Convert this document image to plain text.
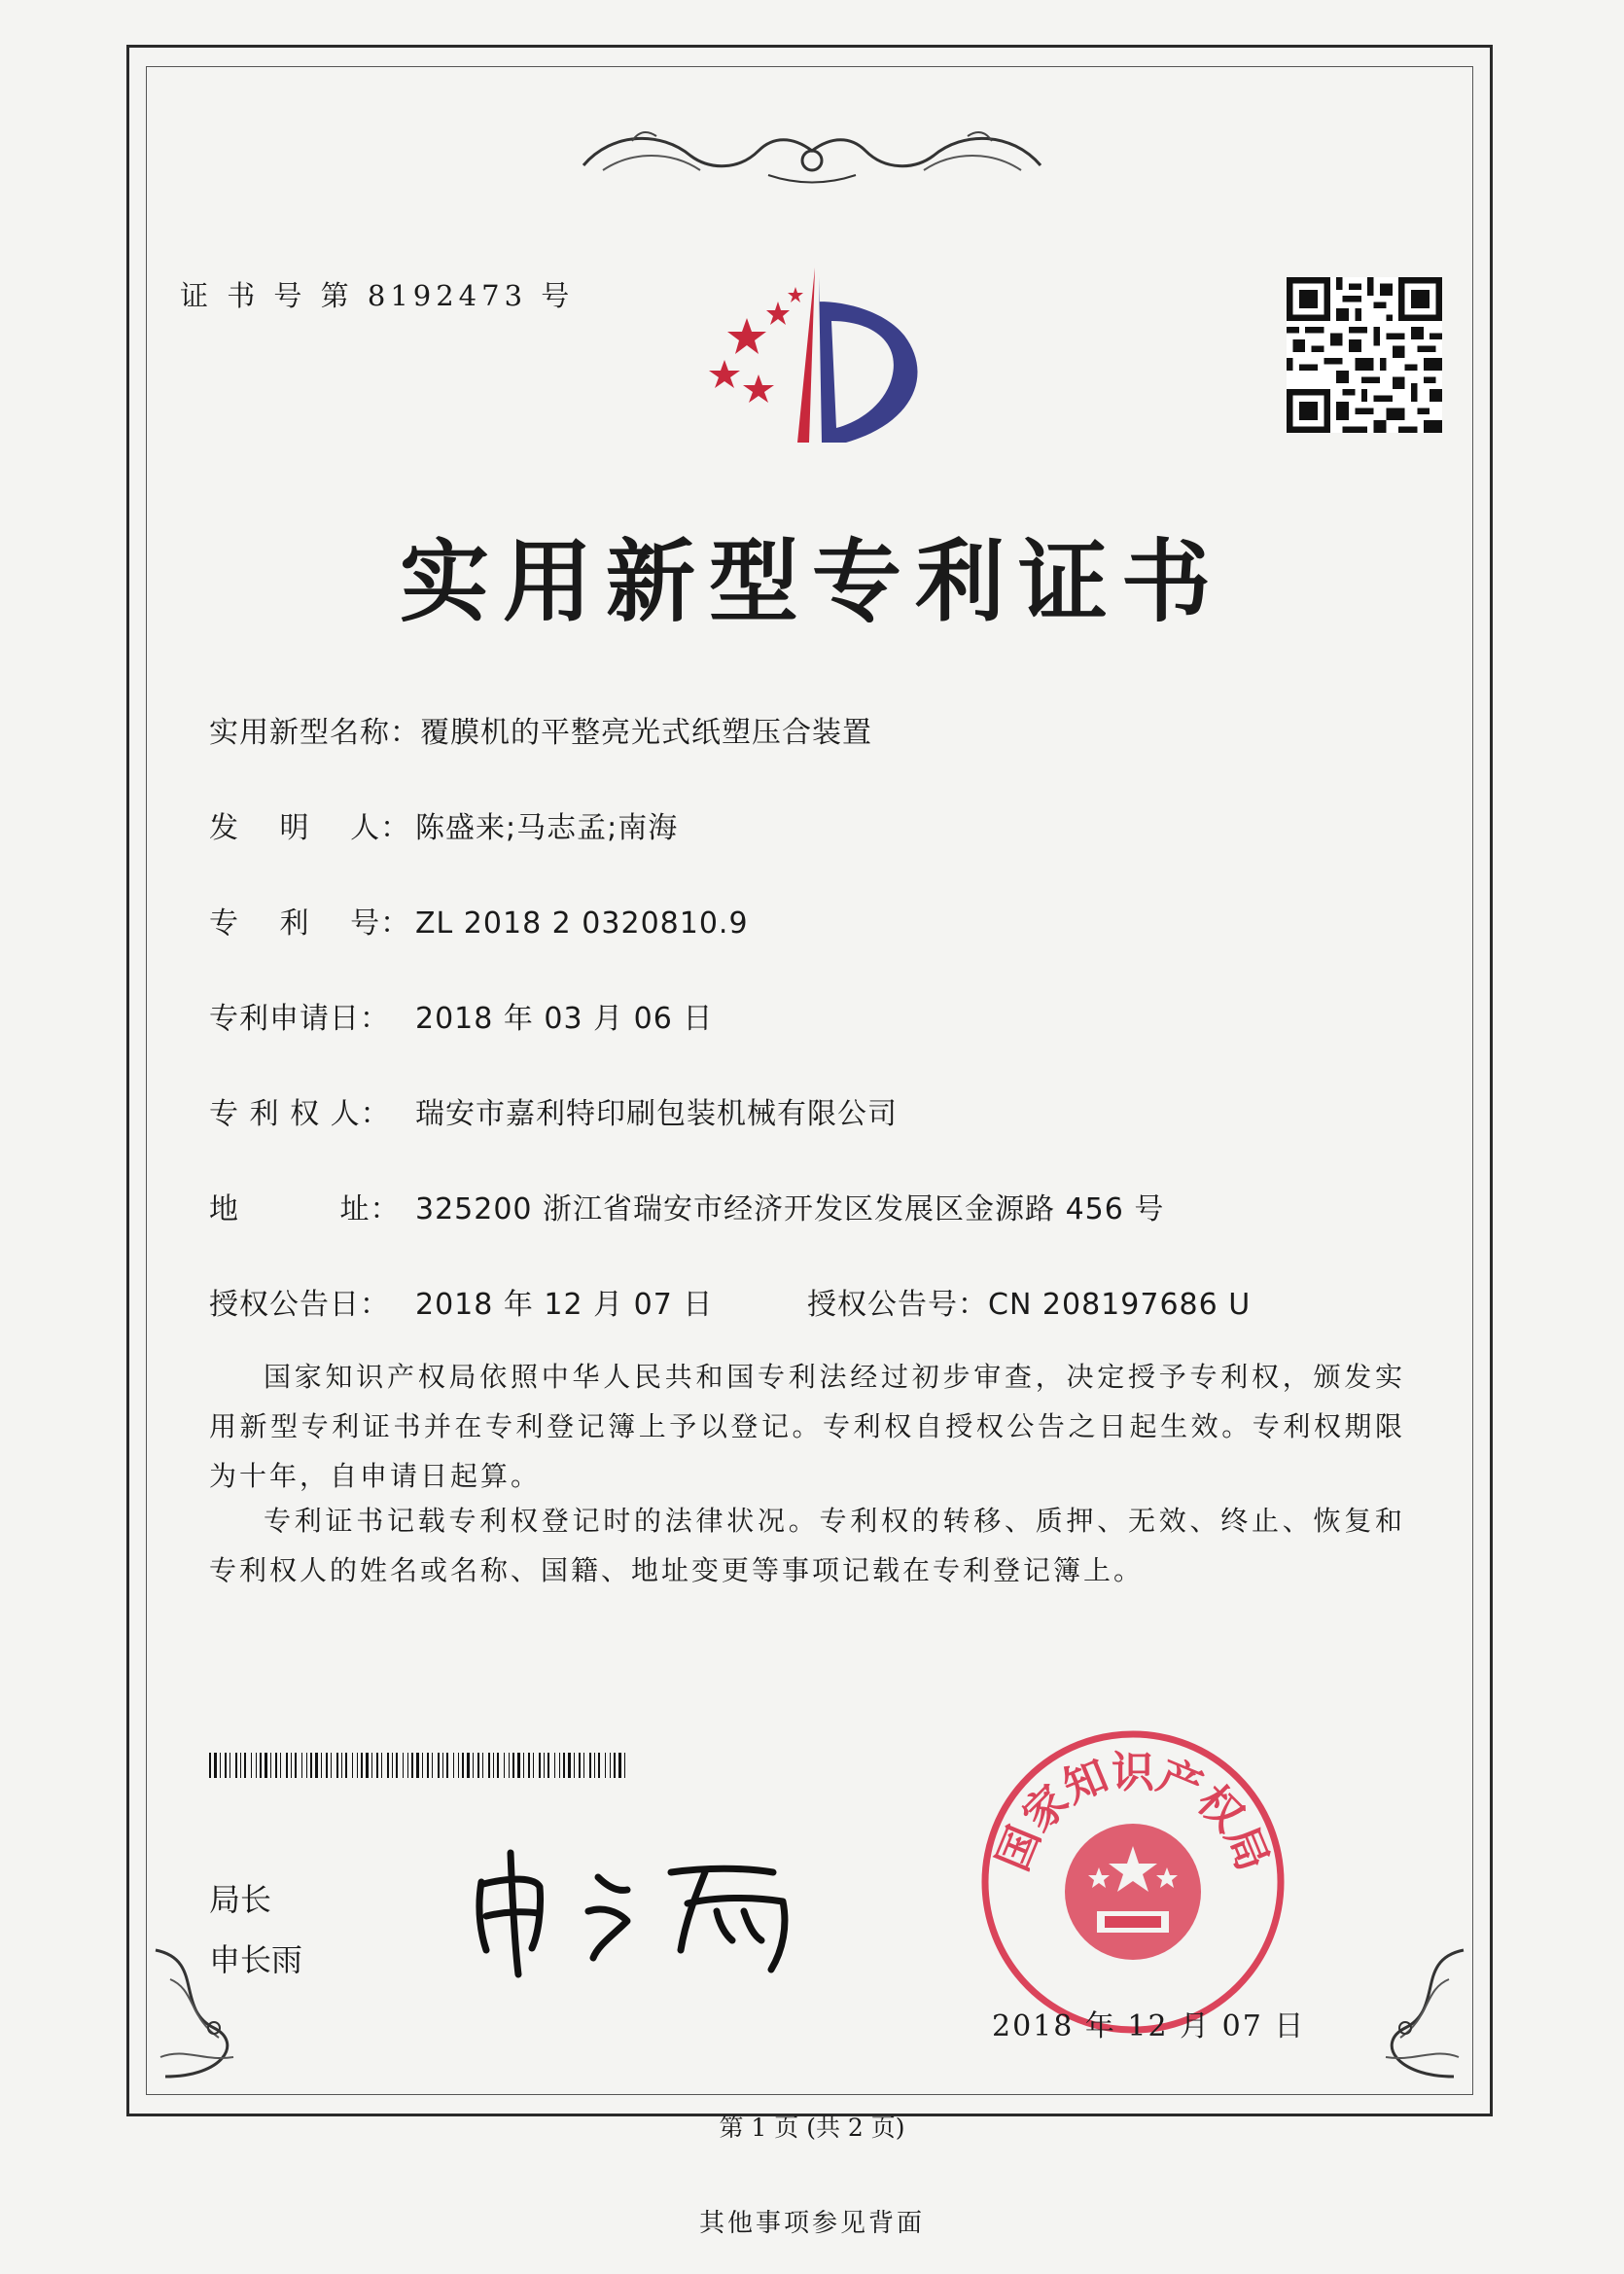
证 书 号 第 8192473 号
实用新型专利证书
实用新型名称：覆膜机的平整亮光式纸塑压合装置
发　 明　 人： 陈盛来;马志孟;南海
专　 利　 号： ZL 2018 2 0320810.9
专利申请日： 2018 年 03 月 06 日
专 利 权 人： 瑞安市嘉利特印刷包装机械有限公司
地　　　 址： 325200 浙江省瑞安市经济开发区发展区金源路 456 号
授权公告日： 2018 年 12 月 07 日	授权公告号：CN 208197686 U
国家知识产权局依照中华人民共和国专利法经过初步审查，决定授予专利权，颁发实用新型专利证书并在专利登记簿上予以登记。专利权自授权公告之日起生效。专利权期限为十年，自申请日起算。
专利证书记载专利权登记时的法律状况。专利权的转移、质押、无效、终止、恢复和专利权人的姓名或名称、国籍、地址变更等事项记载在专利登记簿上。
局长
申长雨
国家知识产权局
2018 年 12 月 07 日
第 1 页 (共 2 页)
其他事项参见背面
